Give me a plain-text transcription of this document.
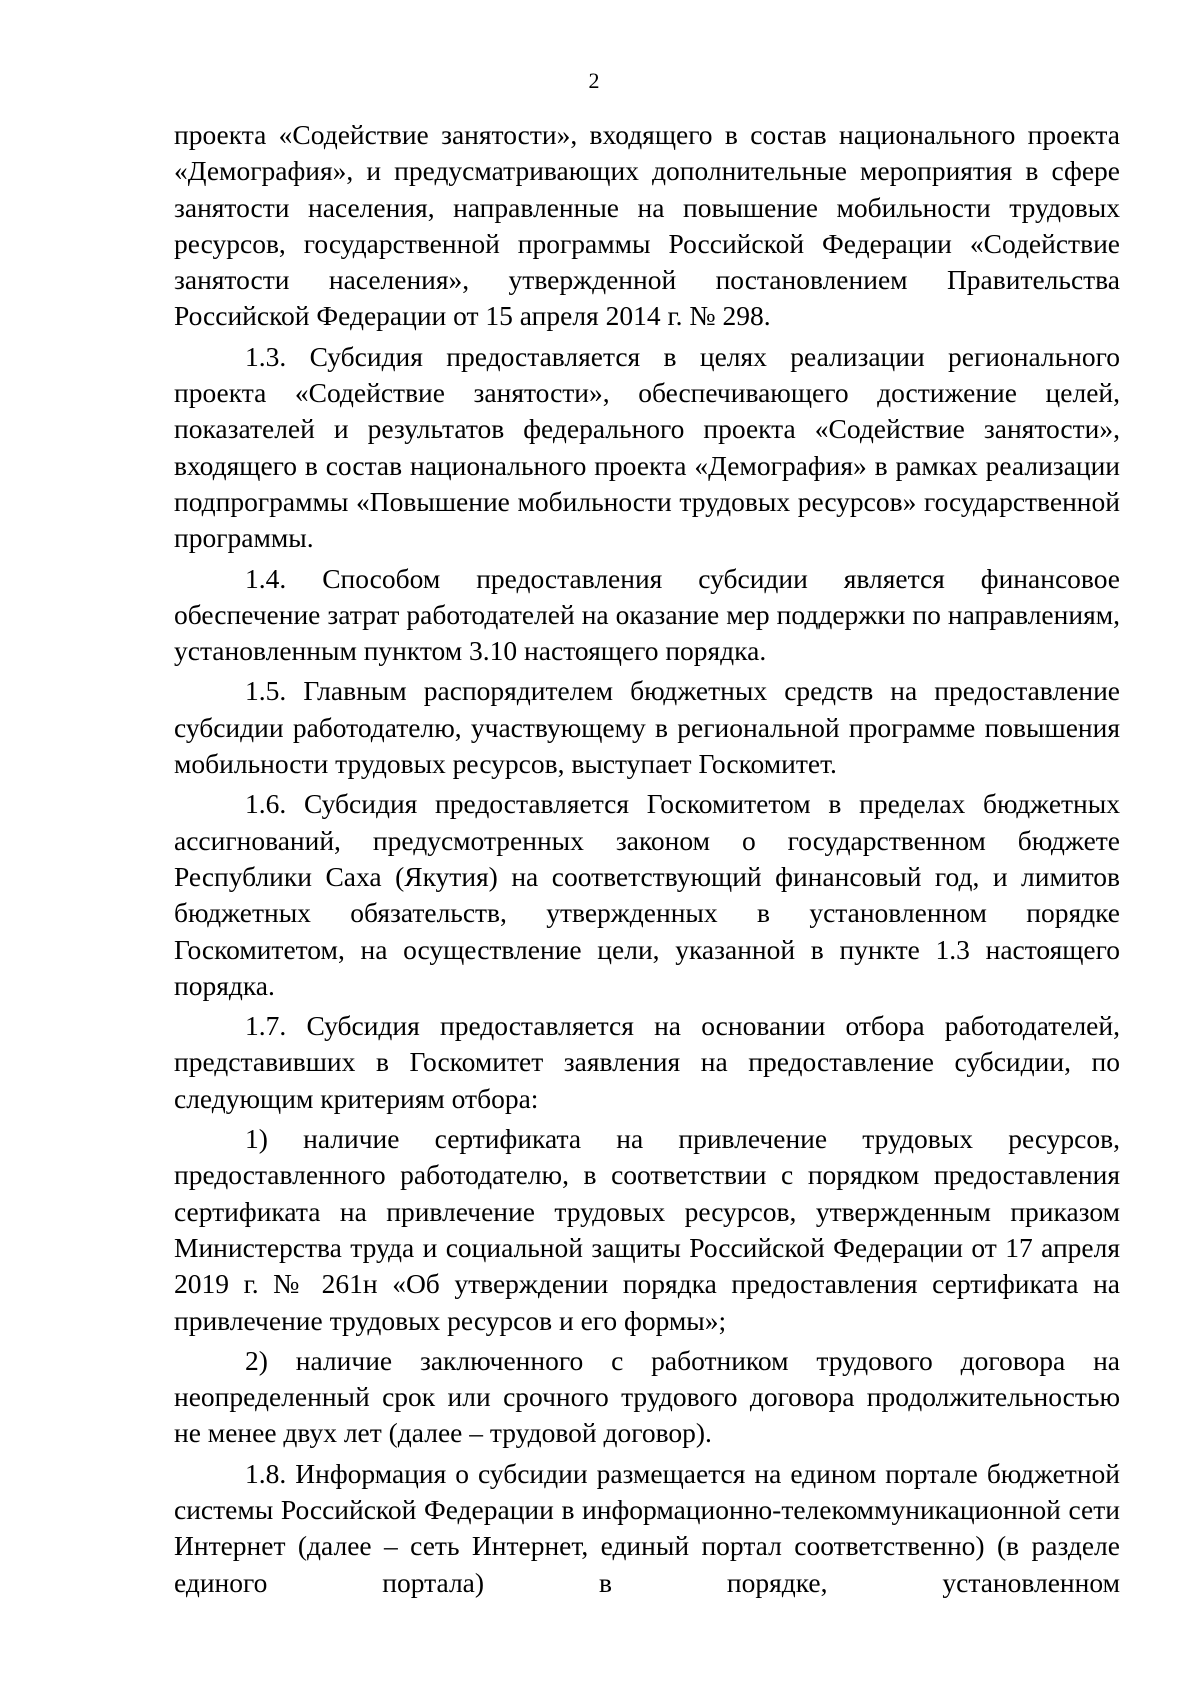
2

проекта «Содействие занятости», входящего в состав национального проекта «Демография», и предусматривающих дополнительные мероприятия в сфере занятости населения, направленные на повышение мобильности трудовых ресурсов, государственной программы Российской Федерации «Содействие занятости населения», утвержденной постановлением Правительства Российской Федерации от 15 апреля 2014 г. № 298.

1.3. Субсидия предоставляется в целях реализации регионального проекта «Содействие занятости», обеспечивающего достижение целей, показателей и результатов федерального проекта «Содействие занятости», входящего в состав национального проекта «Демография» в рамках реализации подпрограммы «Повышение мобильности трудовых ресурсов» государственной программы.

1.4. Способом предоставления субсидии является финансовое обеспечение затрат работодателей на оказание мер поддержки по направлениям, установленным пунктом 3.10 настоящего порядка.

1.5. Главным распорядителем бюджетных средств на предоставление субсидии работодателю, участвующему в региональной программе повышения мобильности трудовых ресурсов, выступает Госкомитет.

1.6. Субсидия предоставляется Госкомитетом в пределах бюджетных ассигнований, предусмотренных законом о государственном бюджете Республики Саха (Якутия) на соответствующий финансовый год, и лимитов бюджетных обязательств, утвержденных в установленном порядке Госкомитетом, на осуществление цели, указанной в пункте 1.3 настоящего порядка.

1.7. Субсидия предоставляется на основании отбора работодателей, представивших в Госкомитет заявления на предоставление субсидии, по следующим критериям отбора:

1) наличие сертификата на привлечение трудовых ресурсов, предоставленного работодателю, в соответствии с порядком предоставления сертификата на привлечение трудовых ресурсов, утвержденным приказом Министерства труда и социальной защиты Российской Федерации от 17 апреля 2019 г. № 261н «Об утверждении порядка предоставления сертификата на привлечение трудовых ресурсов и его формы»;

2) наличие заключенного с работником трудового договора на неопределенный срок или срочного трудового договора продолжительностью не менее двух лет (далее – трудовой договор).

1.8. Информация о субсидии размещается на едином портале бюджетной системы Российской Федерации в информационно-телекоммуникационной сети Интернет (далее – сеть Интернет, единый портал соответственно) (в разделе единого портала) в порядке, установленном
